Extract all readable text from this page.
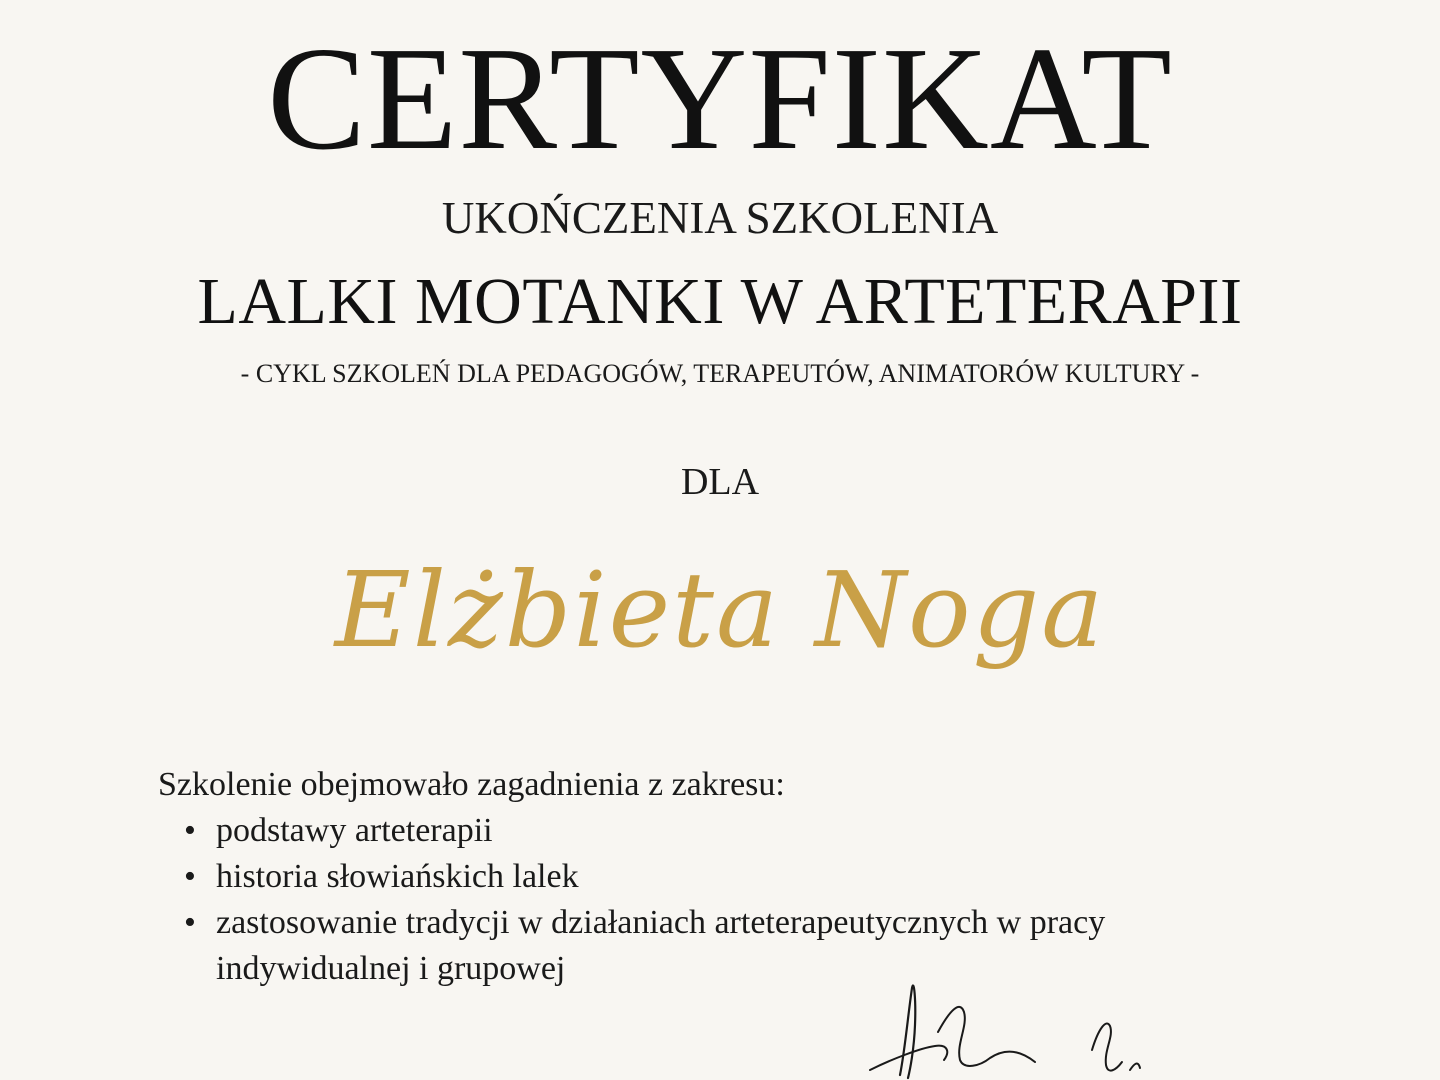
CERTYFIKAT
UKOŃCZENIA SZKOLENIA
LALKI MOTANKI W ARTETERAPII
- CYKL SZKOLEŃ DLA PEDAGOGÓW, TERAPEUTÓW, ANIMATORÓW KULTURY -
DLA
Elżbieta Noga

Szkolenie obejmowało zagadnienia z zakresu:

• podstawy arteterapii
• historia słowiańskich lalek
• zastosowanie tradycji w działaniach arteterapeutycznych w pracy indywidualnej i grupowej
